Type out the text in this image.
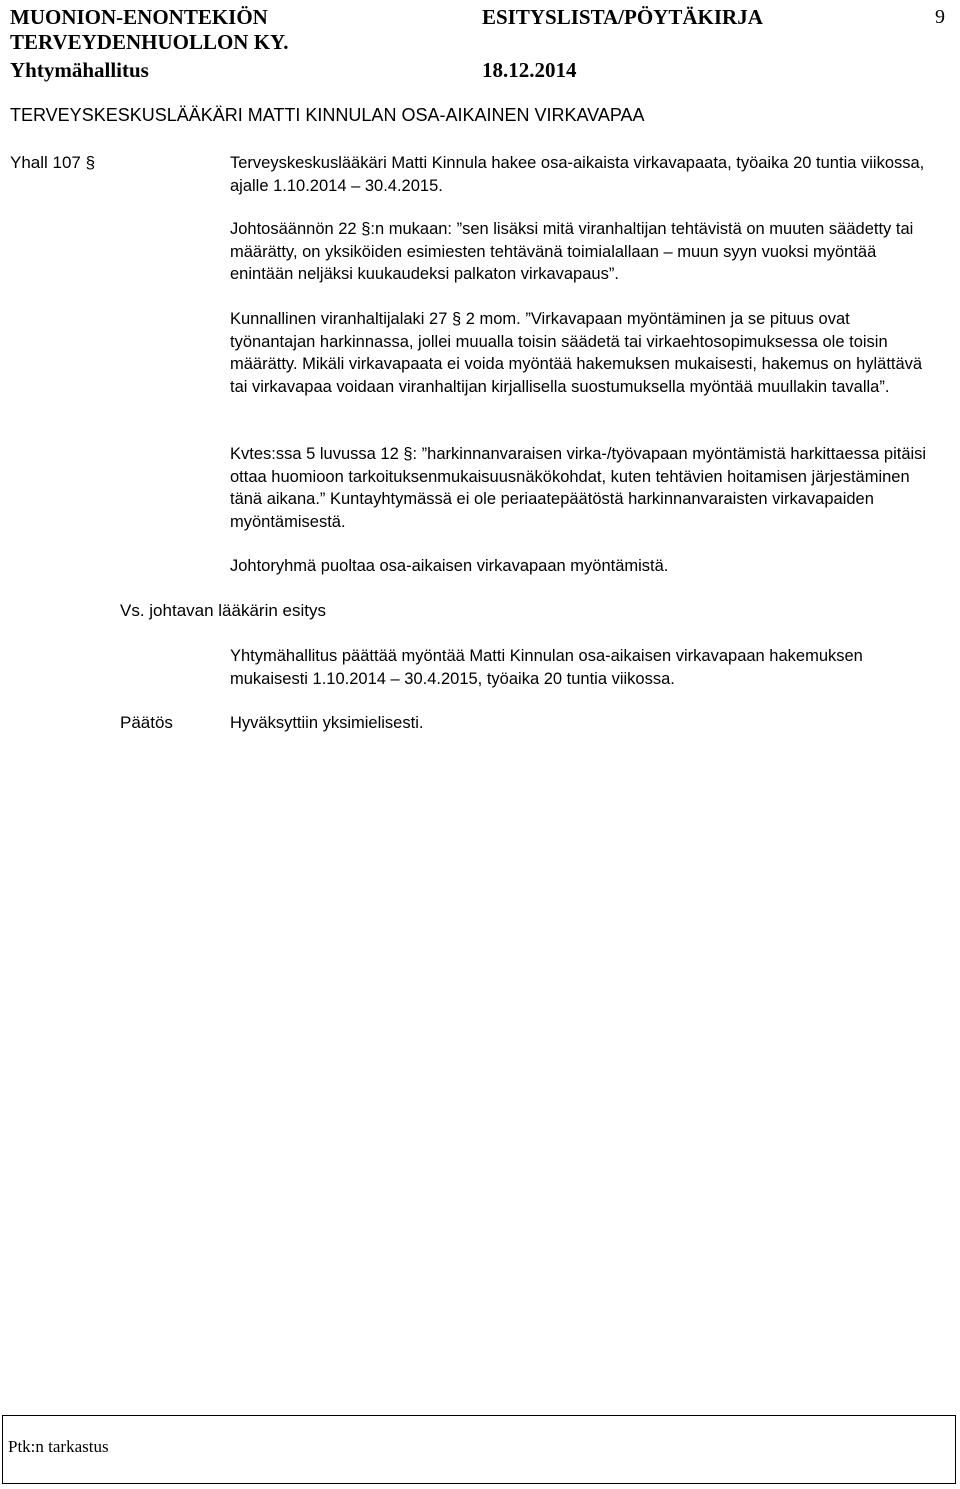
MUONION-ENONTEKIÖN
TERVEYDENHUOLLON KY.
Yhtymähallitus
ESITYSLISTA/PÖYTÄKIRJA
18.12.2014
9
TERVEYSKESKUSLÄÄKÄRI MATTI KINNULAN OSA-AIKAINEN VIRKAVAPAA
Yhall 107 §	Terveyskeskuslääkäri Matti Kinnula hakee osa-aikaista virkavapaata, työaika 20 tuntia viikossa, ajalle 1.10.2014 – 30.4.2015.

Johtosäännön 22 §:n mukaan: ”sen lisäksi mitä viranhaltijan tehtävistä on muuten säädetty tai määrätty, on yksiköiden esimiesten tehtävänä toimialallaan – muun syyn vuoksi myöntää enintään neljäksi kuukaudeksi palkaton virkavapaus”.

Kunnallinen viranhaltijalaki 27 § 2 mom. ”Virkavapaan myöntäminen ja se pituus ovat työnantajan harkinnassa, jollei muualla toisin säädetä tai virkaehtosopimuksessa ole toisin määrätty. Mikäli virkavapaata ei voida myöntää hakemuksen mukaisesti, hakemus on hylättävä tai virkavapaa voidaan viranhaltijan kirjallisella suostumuksella myöntää muullakin tavalla”.

Kvtes:ssa 5 luvussa 12 §: ”harkinnanvaraisen virka-/työvapaan myöntämistä harkittaessa pitäisi ottaa huomioon tarkoituksenmukaisuusnäkökohdat, kuten tehtävien hoitamisen järjestäminen tänä aikana.” Kuntayhtymässä ei ole periaatepäätöstä harkinnanvaraisten virkavapaiden myöntämisestä.

Johtoryhmä puoltaa osa-aikaisen virkavapaan myöntämistä.

Vs. johtavan lääkärin esitys

Yhtymähallitus päättää myöntää Matti Kinnulan osa-aikaisen virkavapaan hakemuksen mukaisesti 1.10.2014 – 30.4.2015, työaika 20 tuntia viikossa.

Päätös	Hyväksyttiin yksimielisesti.

Ptk:n tarkastus
